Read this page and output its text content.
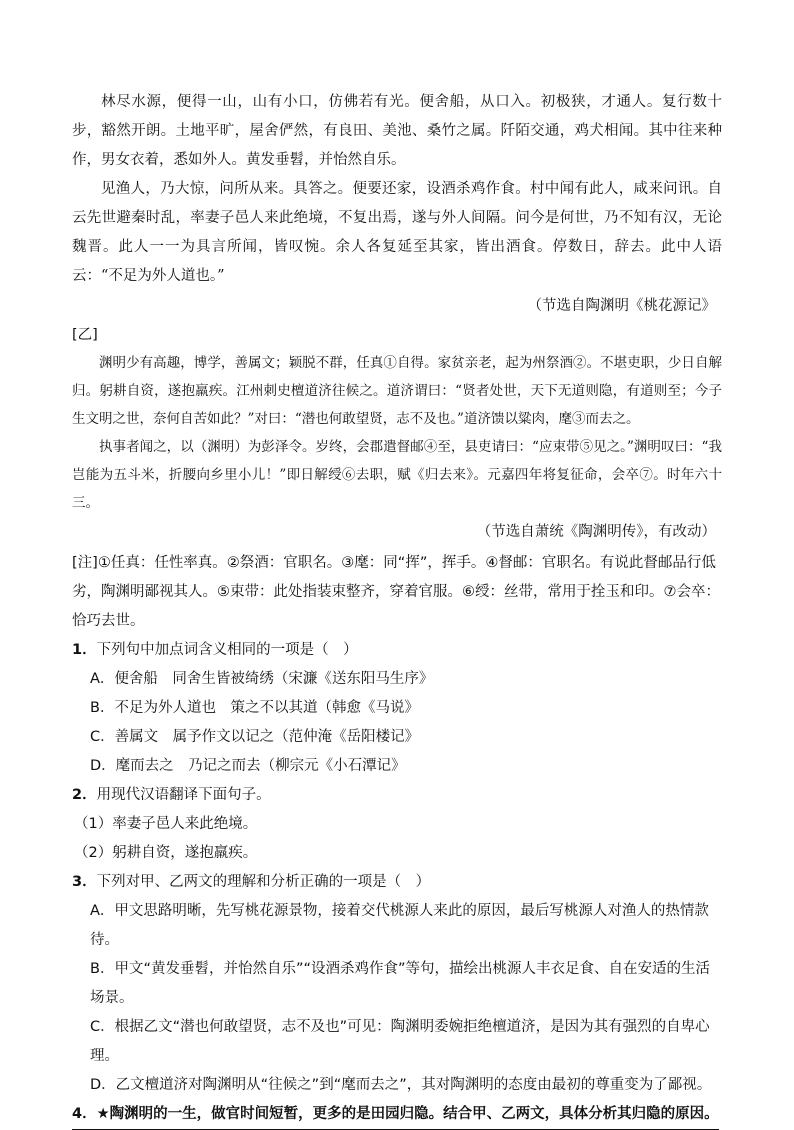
林尽水源，便得一山，山有小口，仿佛若有光。便舍船，从口入。初极狭，才通人。复行数十步，豁然开朗。土地平旷，屋舍俨然，有良田、美池、桑竹之属。阡陌交通，鸡犬相闻。其中往来种作，男女衣着，悉如外人。黄发垂髫，并怡然自乐。

见渔人，乃大惊，问所从来。具答之。便要还家，设酒杀鸡作食。村中闻有此人，咸来问讯。自云先世避秦时乱，率妻子邑人来此绝境，不复出焉，遂与外人间隔。问今是何世，乃不知有汉，无论魏晋。此人一一为具言所闻，皆叹惋。余人各复延至其家，皆出酒食。停数日，辞去。此中人语云：“不足为外人道也。”

（节选自陶渊明《桃花源记》

[乙]

渊明少有高趣，博学，善属文；颖脱不群，任真①自得。家贫亲老，起为州祭酒②。不堪吏职，少日自解归。躬耕自资，遂抱羸疾。江州刺史檀道济往候之。道济谓曰：“贤者处世，天下无道则隐，有道则至；今子生文明之世，奈何自苦如此？”对曰：“潜也何敢望贤，志不及也。”道济馈以粱肉，麾③而去之。

执事者闻之，以（渊明）为彭泽令。岁终，会郡遣督邮④至，县吏请曰：“应束带⑤见之。”渊明叹曰：“我岂能为五斗米，折腰向乡里小儿！”即日解绶⑥去职，赋《归去来》。元嘉四年将复征命，会卒⑦。时年六十三。

（节选自萧统《陶渊明传》，有改动）

[注]①任真：任性率真。②祭酒：官职名。③麾：同“挥”，挥手。④督邮：官职名。有说此督邮品行低劣，陶渊明鄙视其人。⑤束带：此处指装束整齐，穿着官服。⑥绶：丝带，常用于拴玉和印。⑦会卒：恰巧去世。

1．下列句中加点词含义相同的一项是（　）

A．便舍船　同舍生皆被绮绣（宋濂《送东阳马生序》

B．不足为外人道也　策之不以其道（韩愈《马说》

C．善属文　属予作文以记之（范仲淹《岳阳楼记》

D．麾而去之　乃记之而去（柳宗元《小石潭记》

2．用现代汉语翻译下面句子。

（1）率妻子邑人来此绝境。

（2）躬耕自资，遂抱羸疾。

3．下列对甲、乙两文的理解和分析正确的一项是（　）

A．甲文思路明晰，先写桃花源景物，接着交代桃源人来此的原因，最后写桃源人对渔人的热情款待。

B．甲文“黄发垂髫，并怡然自乐”“设酒杀鸡作食”等句，描绘出桃源人丰衣足食、自在安适的生活场景。

C．根据乙文“潜也何敢望贤，志不及也”可见：陶渊明委婉拒绝檀道济，是因为其有强烈的自卑心理。

D．乙文檀道济对陶渊明从“往候之”到“麾而去之”，其对陶渊明的态度由最初的尊重变为了鄙视。

4．★陶渊明的一生，做官时间短暂，更多的是田园归隐。结合甲、乙两文，具体分析其归隐的原因。
